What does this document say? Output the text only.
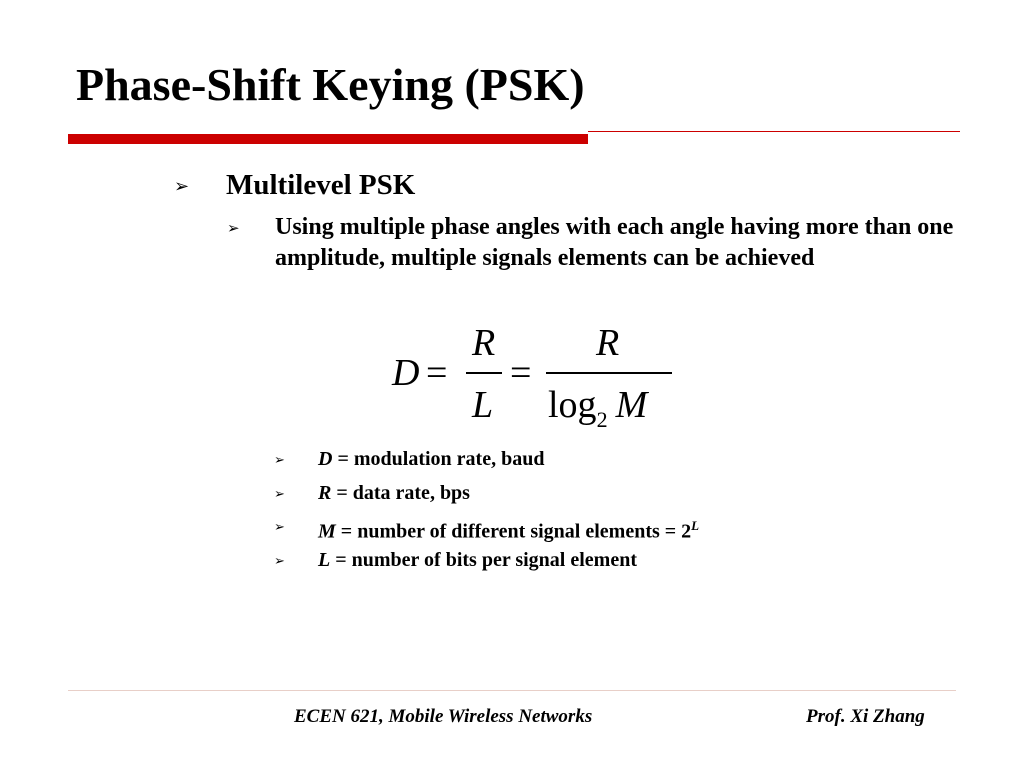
Phase-Shift Keying (PSK)
➢ Multilevel PSK
➢ Using multiple phase angles with each angle having more than one amplitude, multiple signals elements can be achieved
D =
R
L
=
R
$\log_2 M$
➢ D = modulation rate, baud
➢ R = data rate, bps
➢ M = number of different signal elements = $2^L$
➢ L = number of bits per signal element
ECEN 621, Mobile Wireless Networks	Prof. Xi Zhang
